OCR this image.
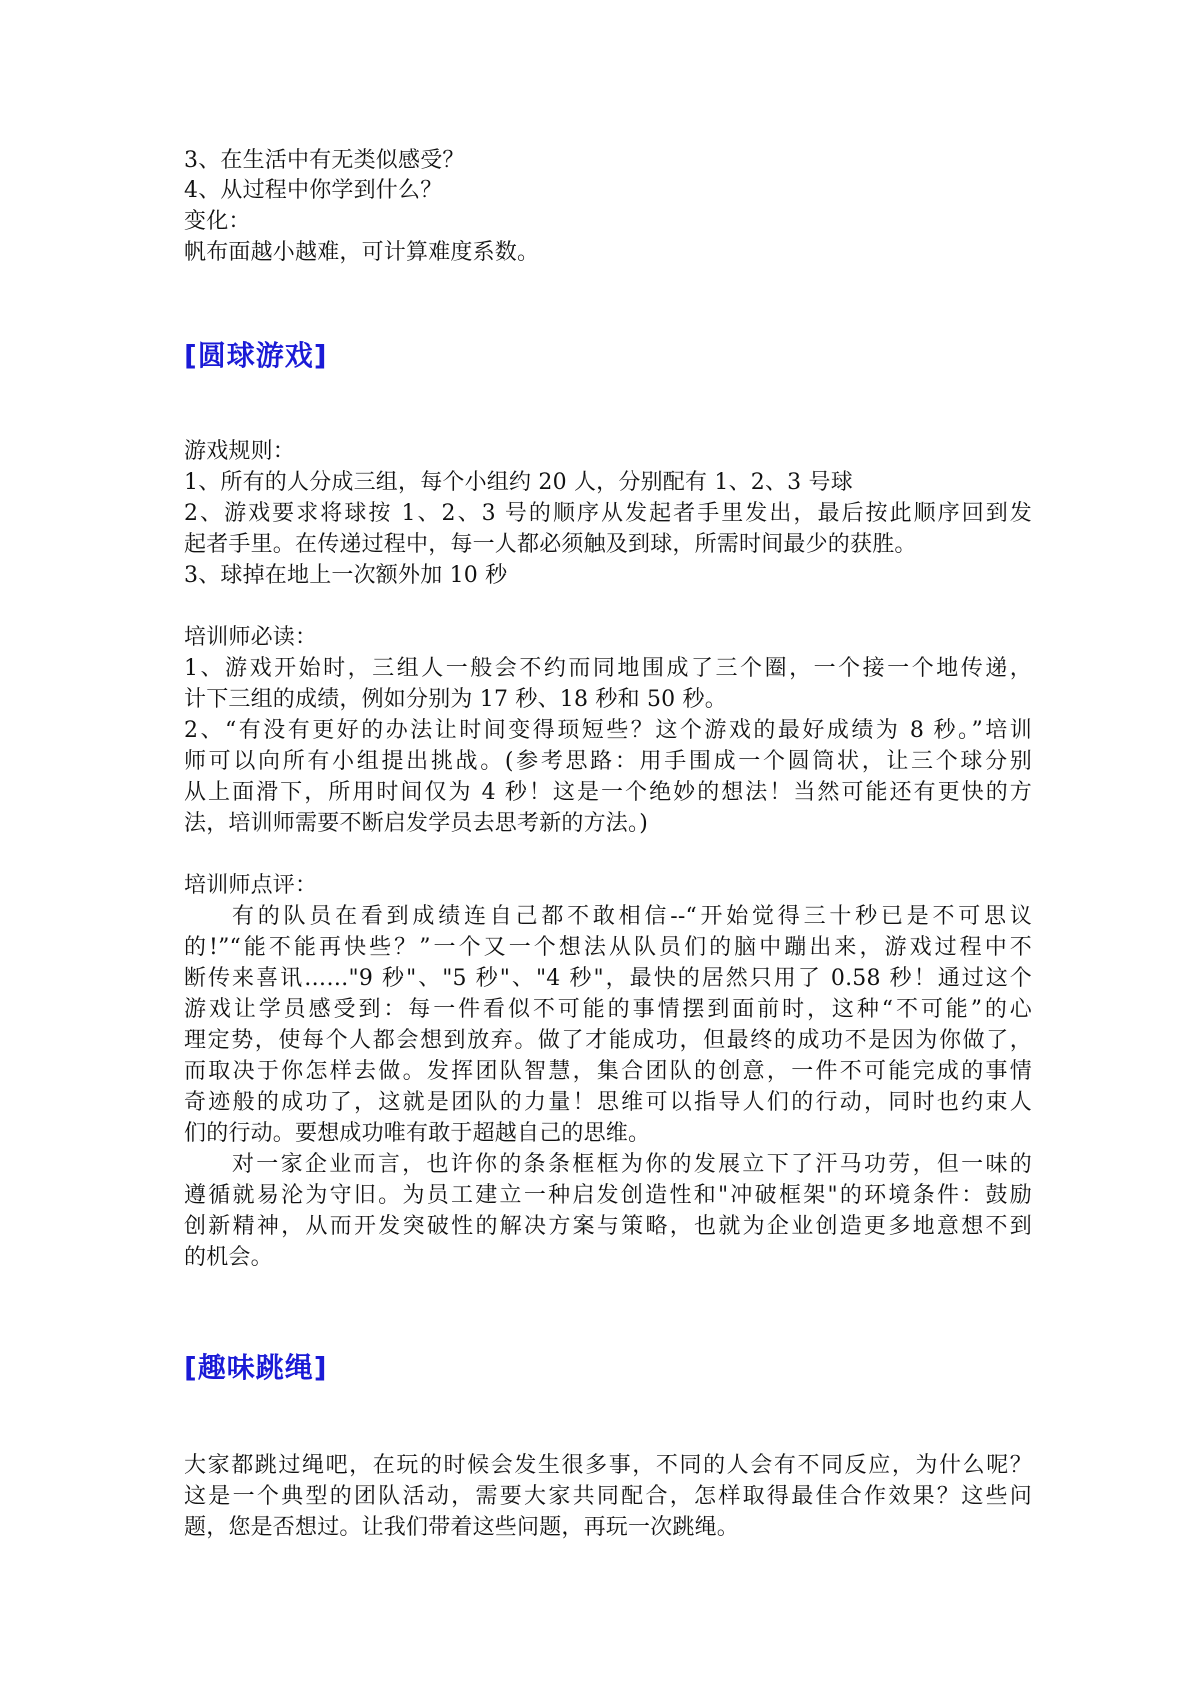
3、在生活中有无类似感受？
4、从过程中你学到什么？
变化：
帆布面越小越难，可计算难度系数。
[圆球游戏]
游戏规则：
1、所有的人分成三组，每个小组约 20 人，分别配有 1、2、3 号球
2、游戏要求将球按 1、2、3 号的顺序从发起者手里发出，最后按此顺序回到发
起者手里。在传递过程中，每一人都必须触及到球，所需时间最少的获胜。
3、球掉在地上一次额外加 10 秒
培训师必读：
1、游戏开始时，三组人一般会不约而同地围成了三个圈，一个接一个地传递，
计下三组的成绩，例如分别为 17 秒、18 秒和 50 秒。
2、“有没有更好的办法让时间变得顼短些？这个游戏的最好成绩为 8 秒。”培训
师可以向所有小组提出挑战。(参考思路：用手围成一个圆筒状，让三个球分别
从上面滑下，所用时间仅为 4 秒！这是一个绝妙的想法！当然可能还有更快的方
法，培训师需要不断启发学员去思考新的方法。)
培训师点评：
有的队员在看到成绩连自己都不敢相信--“开始觉得三十秒已是不可思议
的!”“能不能再快些？”一个又一个想法从队员们的脑中蹦出来，游戏过程中不
断传来喜讯……"9 秒"、"5 秒"、"4 秒"，最快的居然只用了 0.58 秒！通过这个
游戏让学员感受到：每一件看似不可能的事情摆到面前时，这种“不可能”的心
理定势，使每个人都会想到放弃。做了才能成功，但最终的成功不是因为你做了，
而取决于你怎样去做。发挥团队智慧，集合团队的创意，一件不可能完成的事情
奇迹般的成功了，这就是团队的力量！思维可以指导人们的行动，同时也约束人
们的行动。要想成功唯有敢于超越自己的思维。
对一家企业而言，也许你的条条框框为你的发展立下了汗马功劳，但一味的
遵循就易沦为守旧。为员工建立一种启发创造性和"冲破框架"的环境条件：鼓励
创新精神，从而开发突破性的解决方案与策略，也就为企业创造更多地意想不到
的机会。
[趣味跳绳]
大家都跳过绳吧，在玩的时候会发生很多事，不同的人会有不同反应，为什么呢？
这是一个典型的团队活动，需要大家共同配合，怎样取得最佳合作效果？这些问
题，您是否想过。让我们带着这些问题，再玩一次跳绳。
